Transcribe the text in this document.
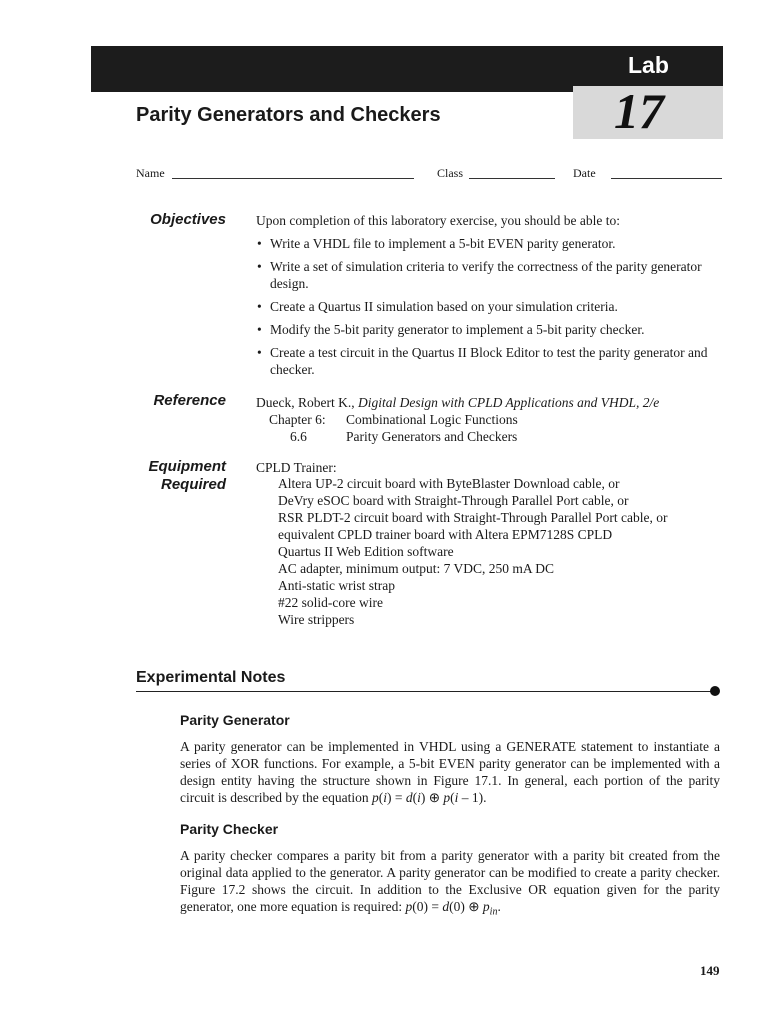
Lab
17
Parity Generators and Checkers
Name	Class	Date
Objectives Upon completion of this laboratory exercise, you should be able to:
• Write a VHDL file to implement a 5-bit EVEN parity generator.
• Write a set of simulation criteria to verify the correctness of the parity generator design.
• Create a Quartus II simulation based on your simulation criteria.
• Modify the 5-bit parity generator to implement a 5-bit parity checker.
• Create a test circuit in the Quartus II Block Editor to test the parity generator and checker.
Reference Dueck, Robert K., Digital Design with CPLD Applications and VHDL, 2/e
Chapter 6: Combinational Logic Functions
6.6	Parity Generators and Checkers
Equipment
Required
CPLD Trainer:
Altera UP-2 circuit board with ByteBlaster Download cable, or
DeVry eSOC board with Straight-Through Parallel Port cable, or
RSR PLDT-2 circuit board with Straight-Through Parallel Port cable, or
equivalent CPLD trainer board with Altera EPM7128S CPLD
Quartus II Web Edition software
AC adapter, minimum output: 7 VDC, 250 mA DC
Anti-static wrist strap
#22 solid-core wire
Wire strippers
Experimental Notes
Parity Generator
A parity generator can be implemented in VHDL using a GENERATE statement to instantiate a series of XOR functions. For example, a 5-bit EVEN parity generator can be implemented with a design entity having the structure shown in Figure 17.1. In general, each portion of the parity circuit is described by the equation p(i) = d(i) ⊕ p(i – 1).
Parity Checker
A parity checker compares a parity bit from a parity generator with a parity bit created from the original data applied to the generator. A parity generator can be modified to create a parity checker. Figure 17.2 shows the circuit. In addition to the Exclusive OR equation given for the parity generator, one more equation is required: p(0) = d(0) ⊕ $p_{in}$.
149
